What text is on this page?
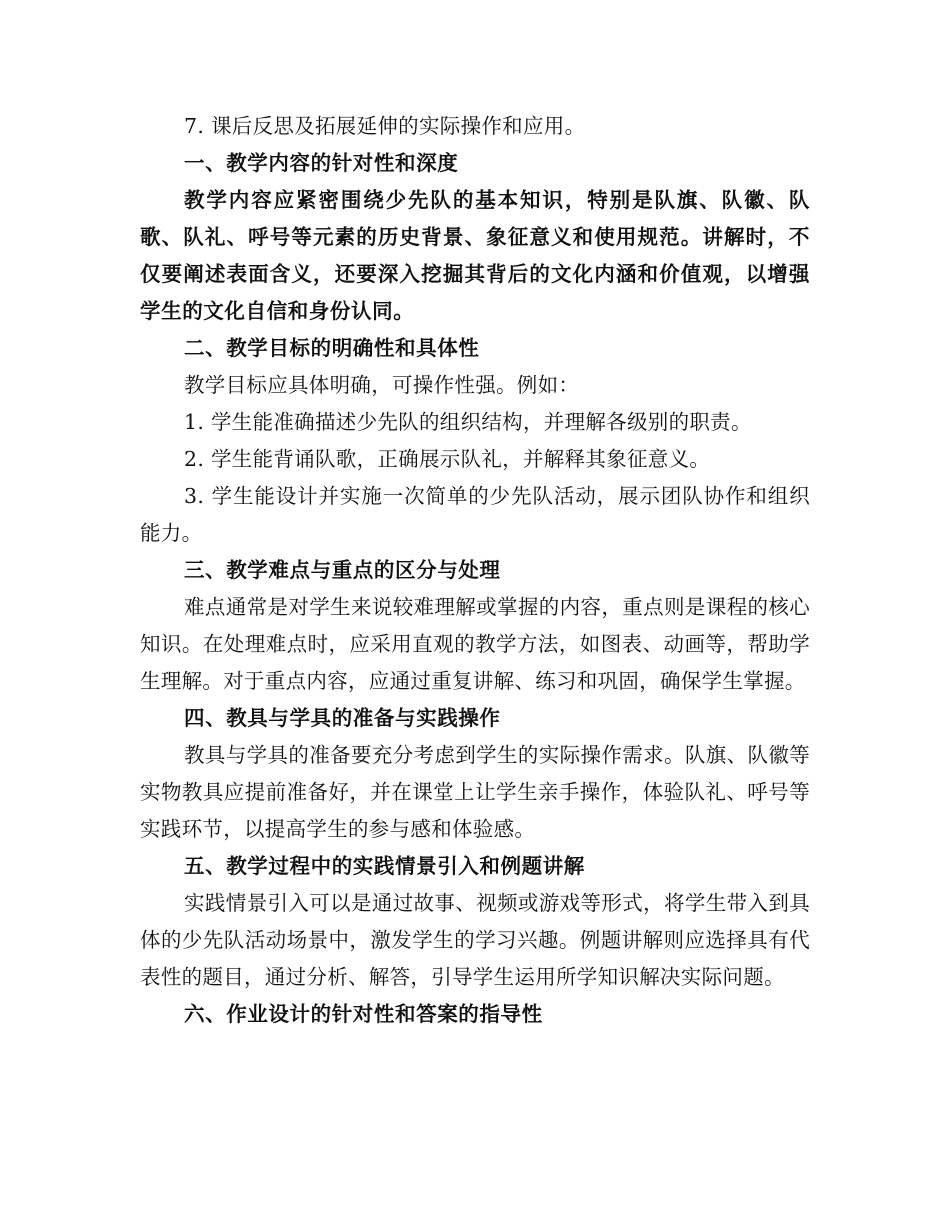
7. 课后反思及拓展延伸的实际操作和应用。

一、教学内容的针对性和深度

教学内容应紧密围绕少先队的基本知识，特别是队旗、队徽、队歌、队礼、呼号等元素的历史背景、象征意义和使用规范。讲解时，不仅要阐述表面含义，还要深入挖掘其背后的文化内涵和价值观，以增强学生的文化自信和身份认同。

二、教学目标的明确性和具体性

教学目标应具体明确，可操作性强。例如：

1. 学生能准确描述少先队的组织结构，并理解各级别的职责。

2. 学生能背诵队歌，正确展示队礼，并解释其象征意义。

3. 学生能设计并实施一次简单的少先队活动，展示团队协作和组织能力。

三、教学难点与重点的区分与处理

难点通常是对学生来说较难理解或掌握的内容，重点则是课程的核心知识。在处理难点时，应采用直观的教学方法，如图表、动画等，帮助学生理解。对于重点内容，应通过重复讲解、练习和巩固，确保学生掌握。

四、教具与学具的准备与实践操作

教具与学具的准备要充分考虑到学生的实际操作需求。队旗、队徽等实物教具应提前准备好，并在课堂上让学生亲手操作，体验队礼、呼号等实践环节，以提高学生的参与感和体验感。

五、教学过程中的实践情景引入和例题讲解

实践情景引入可以是通过故事、视频或游戏等形式，将学生带入到具体的少先队活动场景中，激发学生的学习兴趣。例题讲解则应选择具有代表性的题目，通过分析、解答，引导学生运用所学知识解决实际问题。

六、作业设计的针对性和答案的指导性
